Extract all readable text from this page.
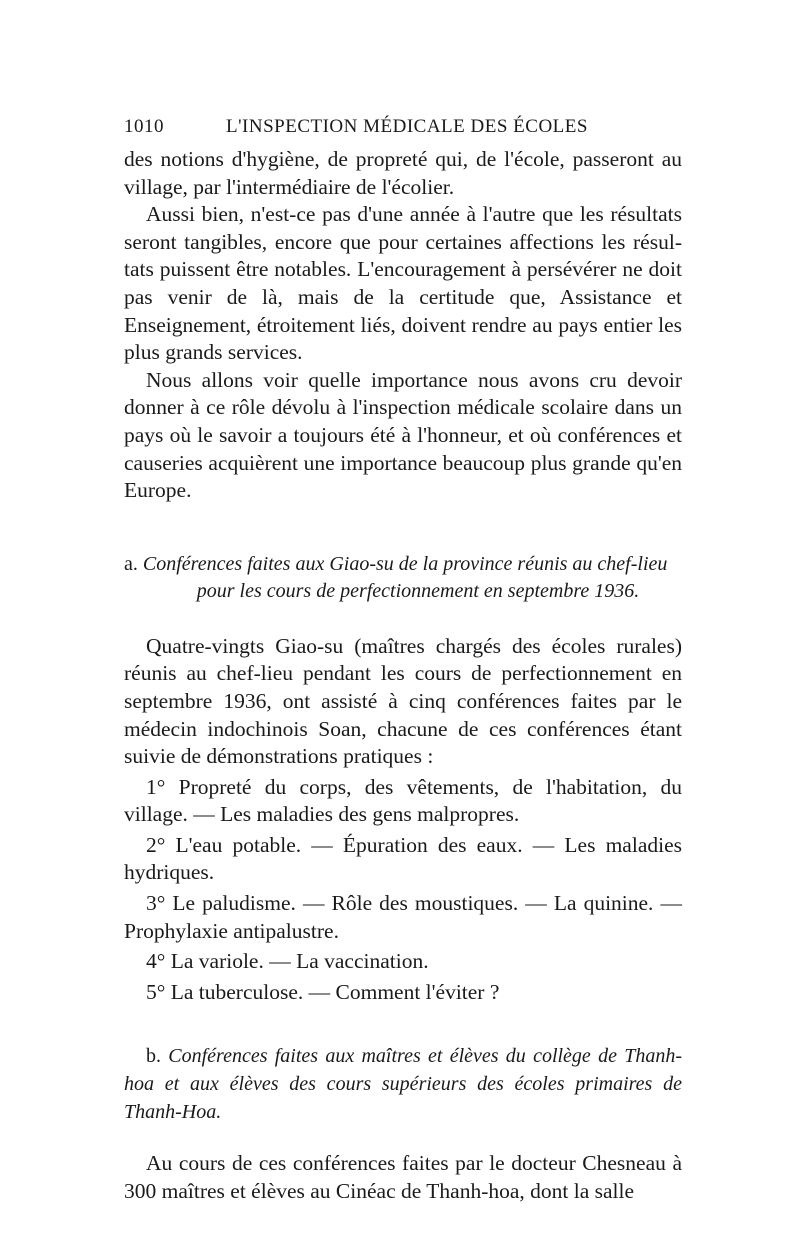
1010	L'INSPECTION MÉDICALE DES ÉCOLES

des notions d'hygiène, de propreté qui, de l'école, passeront au village, par l'intermédiaire de l'écolier.

Aussi bien, n'est-ce pas d'une année à l'autre que les résultats seront tangibles, encore que pour certaines affections les résultats puissent être notables. L'encouragement à persévérer ne doit pas venir de là, mais de la certitude que, Assistance et Enseignement, étroitement liés, doivent rendre au pays entier les plus grands services.

Nous allons voir quelle importance nous avons cru devoir donner à ce rôle dévolu à l'inspection médicale scolaire dans un pays où le savoir a toujours été à l'honneur, et où conférences et causeries acquièrent une importance beaucoup plus grande qu'en Europe.

a. Conférences faites aux Giao-su de la province réunis au chef-lieu
pour les cours de perfectionnement en septembre 1936.

Quatre-vingts Giao-su (maîtres chargés des écoles rurales) réunis au chef-lieu pendant les cours de perfectionnement en septembre 1936, ont assisté à cinq conférences faites par le médecin indochinois Soan, chacune de ces conférences étant suivie de démonstrations pratiques :

1° Propreté du corps, des vêtements, de l'habitation, du village. — Les maladies des gens malpropres.

2° L'eau potable. — Épuration des eaux. — Les maladies hydriques.

3° Le paludisme. — Rôle des moustiques. — La quinine. — Prophylaxie antipalustre.

4° La variole. — La vaccination.

5° La tuberculose. — Comment l'éviter ?

b. Conférences faites aux maîtres et élèves du collège de Thanh-hoa et aux élèves des cours supérieurs des écoles primaires de Thanh-Hoa.

Au cours de ces conférences faites par le docteur Chesneau à 300 maîtres et élèves au Cinéac de Thanh-hoa, dont la salle
